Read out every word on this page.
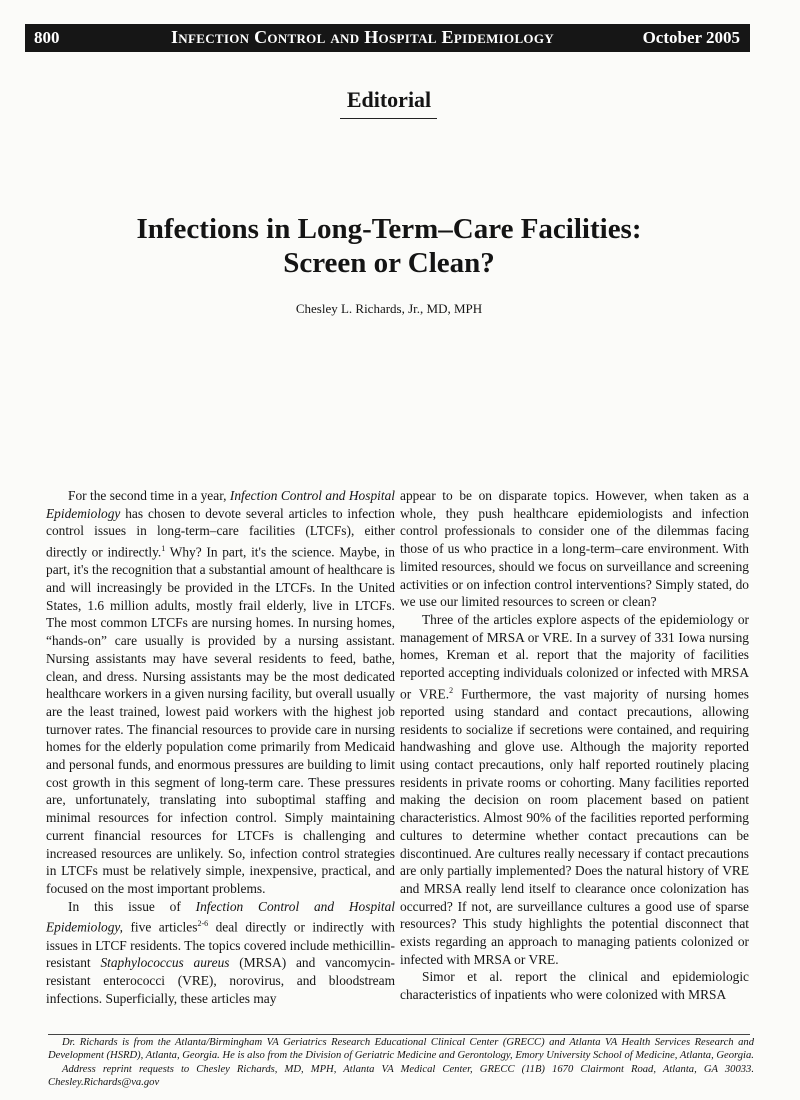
800	Infection Control and Hospital Epidemiology	October 2005
Editorial
Infections in Long-Term–Care Facilities:
Screen or Clean?
Chesley L. Richards, Jr., MD, MPH

For the second time in a year, Infection Control and Hospital Epidemiology has chosen to devote several articles to infection control issues in long-term–care facilities (LTCFs), either directly or indirectly.$^1$ Why? In part, it's the science. Maybe, in part, it's the recognition that a substantial amount of healthcare is and will increasingly be provided in the LTCFs. In the United States, 1.6 million adults, mostly frail elderly, live in LTCFs. The most common LTCFs are nursing homes. In nursing homes, “hands-on” care usually is provided by a nursing assistant. Nursing assistants may have several residents to feed, bathe, clean, and dress. Nursing assistants may be the most dedicated healthcare workers in a given nursing facility, but overall usually are the least trained, lowest paid workers with the highest job turnover rates. The financial resources to provide care in nursing homes for the elderly population come primarily from Medicaid and personal funds, and enormous pressures are building to limit cost growth in this segment of long-term care. These pressures are, unfortunately, translating into suboptimal staffing and minimal resources for infection control. Simply maintaining current financial resources for LTCFs is challenging and increased resources are unlikely. So, infection control strategies in LTCFs must be relatively simple, inexpensive, practical, and focused on the most important problems.

In this issue of Infection Control and Hospital Epidemiology, five articles$^{2-6}$ deal directly or indirectly with issues in LTCF residents. The topics covered include methicillin-resistant Staphylococcus aureus (MRSA) and vancomycin-resistant enterococci (VRE), norovirus, and bloodstream infections. Superficially, these articles may

appear to be on disparate topics. However, when taken as a whole, they push healthcare epidemiologists and infection control professionals to consider one of the dilemmas facing those of us who practice in a long-term–care environment. With limited resources, should we focus on surveillance and screening activities or on infection control interventions? Simply stated, do we use our limited resources to screen or clean?

Three of the articles explore aspects of the epidemiology or management of MRSA or VRE. In a survey of 331 Iowa nursing homes, Kreman et al. report that the majority of facilities reported accepting individuals colonized or infected with MRSA or VRE.$^2$ Furthermore, the vast majority of nursing homes reported using standard and contact precautions, allowing residents to socialize if secretions were contained, and requiring handwashing and glove use. Although the majority reported using contact precautions, only half reported routinely placing residents in private rooms or cohorting. Many facilities reported making the decision on room placement based on patient characteristics. Almost 90% of the facilities reported performing cultures to determine whether contact precautions can be discontinued. Are cultures really necessary if contact precautions are only partially implemented? Does the natural history of VRE and MRSA really lend itself to clearance once colonization has occurred? If not, are surveillance cultures a good use of sparse resources? This study highlights the potential disconnect that exists regarding an approach to managing patients colonized or infected with MRSA or VRE.

Simor et al. report the clinical and epidemiologic characteristics of inpatients who were colonized with MRSA

Dr. Richards is from the Atlanta/Birmingham VA Geriatrics Research Educational Clinical Center (GRECC) and Atlanta VA Health Services Research and Development (HSRD), Atlanta, Georgia. He is also from the Division of Geriatric Medicine and Gerontology, Emory University School of Medicine, Atlanta, Georgia.

Address reprint requests to Chesley Richards, MD, MPH, Atlanta VA Medical Center, GRECC (11B) 1670 Clairmont Road, Atlanta, GA 30033. Chesley.Richards@va.gov
